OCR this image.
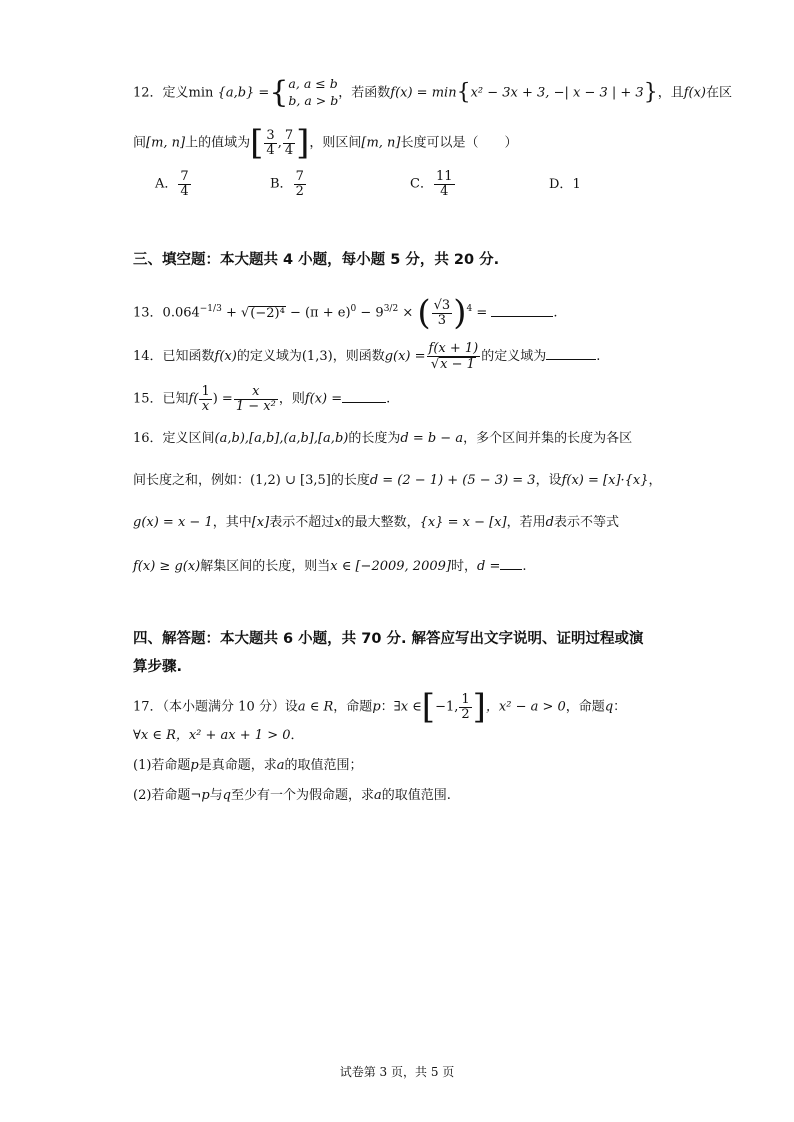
12．定义min {a,b} ={ a, a ≤ b
b, a > b ，若函数f(x) = min{x² − 3x + 3, −| x − 3 | + 3}，且f(x)在区
间[m, n]上的值域为[ $\frac{3}{4}$ , $\frac{7}{4}$ ]，则区间[m, n]长度可以是（　　）
A． $\frac{7}{4}$	B． $\frac{7}{2}$	C． $\frac{11}{4}$	D．1
三、填空题：本大题共 4 小题，每小题 5 分，共 20 分.
13．$0.064^{-1/3} + √(-2)^4 - (\pi + e)^0 - 9^{3/2}$ × ( $\frac{√3}{3} )^4$ =	.
14．已知函数f(x)的定义域为(1,3)，则函数$g(x) = \frac{f(x + 1)}{√x - 1}$ 的定义域为	.
15．已知$f( \frac{1}{x}$ ) = $\frac{x}{\text{1 − x²}}$ ，则f(x) =	.
16．定义区间(a,b),[a,b],(a,b],[a,b)的长度为d = b − a，多个区间并集的长度为各区
间长度之和，例如：(1,2) ∪ [3,5]的长度d = (2 − 1) + (5 − 3) = 3，设f(x) = [x]·{x}，
g(x) = x − 1，其中[x]表示不超过x的最大整数，{x} = x − [x]，若用d表示不等式
f(x) ≥ g(x)解集区间的长度，则当x ∈ [−2009, 2009]时，d = .
四、解答题：本大题共 6 小题，共 70 分. 解答应写出文字说明、证明过程或演
算步骤.
17．（本小题满分 10 分）设a ∈ R，命题p：∃x ∈[−1, $\frac{1}{2}$ ]，x² − a > 0，命题q：
∀x ∈ R，x² + ax + 1 > 0．
(1)若命题p是真命题，求a的取值范围；
(2)若命题¬p与q至少有一个为假命题，求a的取值范围.
试卷第 3 页，共 5 页
